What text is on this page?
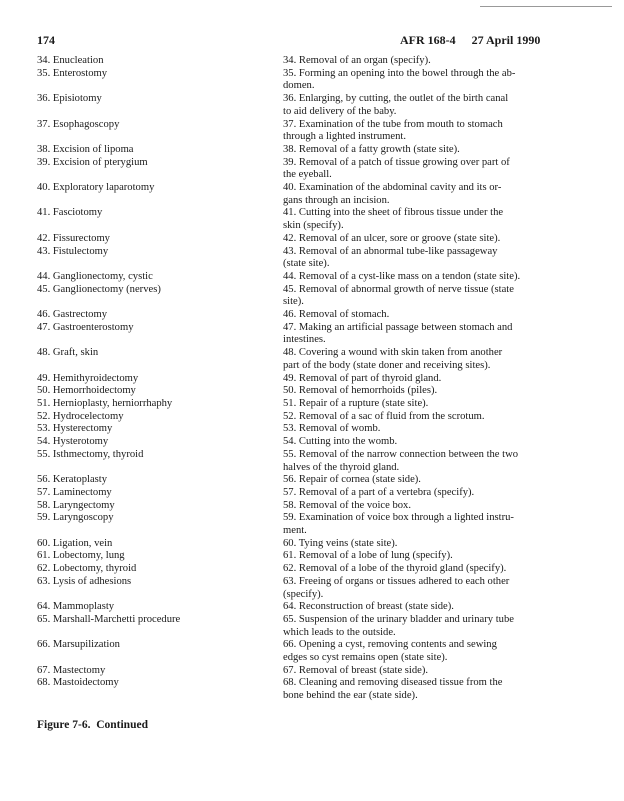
174	AFR 168-4 27 April 1990
34. Enucleation	34. Removal of an organ (specify).
35. Enterostomy	35. Forming an opening into the bowel through the ab-
domen.
36. Episiotomy	36. Enlarging, by cutting, the outlet of the birth canal
to aid delivery of the baby.
37. Esophagoscopy	37. Examination of the tube from mouth to stomach
through a lighted instrument.
38. Excision of lipoma	38. Removal of a fatty growth (state site).
39. Excision of pterygium	39. Removal of a patch of tissue growing over part of
the eyeball.
40. Exploratory laparotomy	40. Examination of the abdominal cavity and its or-
gans through an incision.
41. Fasciotomy	41. Cutting into the sheet of fibrous tissue under the
skin (specify).
42. Fissurectomy	42. Removal of an ulcer, sore or groove (state site).
43. Fistulectomy	43. Removal of an abnormal tube-like passageway
(state site).
44. Ganglionectomy, cystic	44. Removal of a cyst-like mass on a tendon (state site).
45. Ganglionectomy (nerves)	45. Removal of abnormal growth of nerve tissue (state
site).
46. Gastrectomy	46. Removal of stomach.
47. Gastroenterostomy	47. Making an artificial passage between stomach and
intestines.
48. Graft, skin	48. Covering a wound with skin taken from another
part of the body (state doner and receiving sites).
49. Hemithyroidectomy	49. Removal of part of thyroid gland.
50. Hemorrhoidectomy	50. Removal of hemorrhoids (piles).
51. Hernioplasty, herniorrhaphy	51. Repair of a rupture (state site).
52. Hydrocelectomy	52. Removal of a sac of fluid from the scrotum.
53. Hysterectomy	53. Removal of womb.
54. Hysterotomy	54. Cutting into the womb.
55. Isthmectomy, thyroid	55. Removal of the narrow connection between the two
halves of the thyroid gland.
56. Keratoplasty	56. Repair of cornea (state side).
57. Laminectomy	57. Removal of a part of a vertebra (specify).
58. Laryngectomy	58. Removal of the voice box.
59. Laryngoscopy	59. Examination of voice box through a lighted instru-
ment.
60. Ligation, vein	60. Tying veins (state site).
61. Lobectomy, lung	61. Removal of a lobe of lung (specify).
62. Lobectomy, thyroid	62. Removal of a lobe of the thyroid gland (specify).
63. Lysis of adhesions	63. Freeing of organs or tissues adhered to each other
(specify).
64. Mammoplasty	64. Reconstruction of breast (state side).
65. Marshall-Marchetti procedure	65. Suspension of the urinary bladder and urinary tube
which leads to the outside.
66. Marsupilization	66. Opening a cyst, removing contents and sewing
edges so cyst remains open (state site).
67. Mastectomy	67. Removal of breast (state side).
68. Mastoidectomy	68. Cleaning and removing diseased tissue from the
bone behind the ear (state side).
Figure 7-6.  Continued
